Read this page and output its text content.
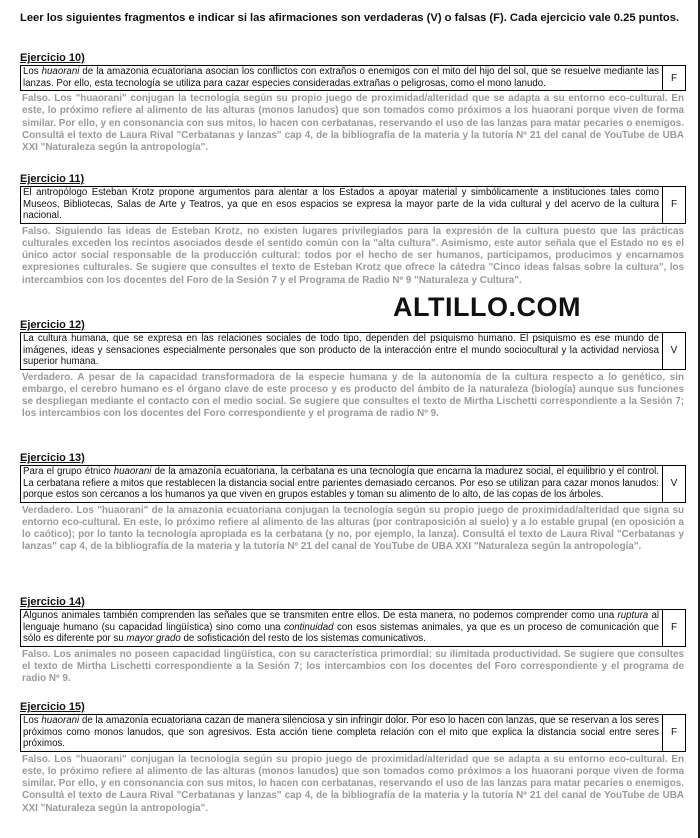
Leer los siguientes fragmentos e indicar si las afirmaciones son verdaderas (V) o falsas (F). Cada ejercicio vale 0.25 puntos.
Ejercicio 10)
Los huaorani de la amazonia ecuatoriana asocian los conflictos con extraños o enemigos con el mito del hijo del sol, que se resuelve mediante las lanzas. Por ello, esta tecnología se utiliza para cazar especies consideradas extrañas o peligrosas, como el mono lanudo.	F
Falso. Los "huaorani" conjugan la tecnología según su propio juego de proximidad/alteridad que se adapta a su entorno eco-cultural. En este, lo próximo refiere al alimento de las alturas (monos lanudos) que son tomados como próximos a los huaorani porque viven de forma similar. Por ello, y en consonancia con sus mitos, lo hacen con cerbatanas, reservando el uso de las lanzas para matar pecaries o enemigos. Consultá el texto de Laura Rival "Cerbatanas y lanzas" cap 4, de la bibliografía de la materia y la tutoría Nº 21 del canal de YouTube de UBA XXI "Naturaleza según la antropología".
Ejercicio 11)
El antropólogo Esteban Krotz propone argumentos para alentar a los Estados a apoyar material y simbólicamente a instituciones tales como Museos, Bibliotecas, Salas de Arte y Teatros, ya que en esos espacios se expresa la mayor parte de la vida cultural y del acervo de la cultura nacional.
F
Falso. Siguiendo las ideas de Esteban Krotz, no existen lugares privilegiados para la expresión de la cultura puesto que las prácticas culturales exceden los recintos asociados desde el sentido común con la "alta cultura". Asimismo, este autor señala que el Estado no es el único actor social responsable de la producción cultural: todos por el hecho de ser humanos, participamos, producimos y encarnamos expresiones culturales. Se sugiere que consultes el texto de Esteban Krotz que ofrece la cátedra "Cinco ideas falsas sobre la cultura", los intercambios con los docentes del Foro de la Sesión 7 y el Programa de Radio Nº 9 "Naturaleza y Cultura".
ALTILLO.COM
Ejercicio 12)
La cultura humana, que se expresa en las relaciones sociales de todo tipo, dependen del psiquismo humano. El psiquismo es ese mundo de imágenes, ideas y sensaciones especialmente personales que son producto de la interacción entre el mundo sociocultural y la actividad nerviosa superior humana.
V
Verdadero. A pesar de la capacidad transformadora de la especie humana y de la autonomía de la cultura respecto a lo genético, sin embargo, el cerebro humano es el órgano clave de este proceso y es producto del ámbito de la naturaleza (biología) aunque sus funciones se despliegan mediante el contacto con el medio social. Se sugiere que consultes el texto de Mirtha Lischetti correspondiente a la Sesión 7; los intercambios con los docentes del Foro correspondiente y el programa de radio Nº 9.
Ejercicio 13)
Para el grupo étnico huaorani de la amazonía ecuatoriana, la cerbatana es una tecnología que encarna la madurez social, el equilibrio y el control. La cerbatana refiere a mitos que restablecen la distancia social entre parientes demasiado cercanos. Por eso se utilizan para cazar monos lanudos: porque estos son cercanos a los humanos ya que viven en grupos estables y toman su alimento de lo alto, de las copas de los árboles.
V
Verdadero. Los "huaorani" de la amazonia ecuatoriana conjugan la tecnología según su propio juego de proximidad/alteridad que signa su entorno eco-cultural. En este, lo próximo refiere al alimento de las alturas (por contraposición al suelo) y a lo estable grupal (en oposición a lo caótico); por lo tanto la tecnología apropiada es la cerbatana (y no, por ejemplo, la lanza). Consultá el texto de Laura Rival "Cerbatanas y lanzas" cap 4, de la bibliografía de la materia y la tutoría Nº 21 del canal de YouTube de UBA XXI "Naturaleza según la antropología".
Ejercicio 14)
Algunos animales también comprenden las señales que se transmiten entre ellos. De esta manera, no podemos comprender como una ruptura al lenguaje humano (su capacidad lingüística) sino como una continuidad con esos sistemas animales, ya que es un proceso de comunicación que sólo es diferente por su mayor grado de sofisticación del resto de los sistemas comunicativos.
F
Falso. Los animales no poseen capacidad lingüística, con su característica primordial: su ilimitada productividad. Se sugiere que consultes el texto de Mirtha Lischetti correspondiente a la Sesión 7; los intercambios con los docentes del Foro correspondiente y el programa de radio Nº 9.
Ejercicio 15)
Los huaorani de la amazonía ecuatoriana cazan de manera silenciosa y sin infringir dolor. Por eso lo hacen con lanzas, que se reservan a los seres próximos como monos lanudos, que son agresivos. Esta acción tiene completa relación con el mito que explica la distancia social entre seres próximos.
F
Falso. Los "huaorani" conjugan la tecnología según su propio juego de proximidad/alteridad que se adapta a su entorno eco-cultural. En este, lo próximo refiere al alimento de las alturas (monos lanudos) que son tomados como próximos a los huaorani porque viven de forma similar. Por ello, y en consonancia con sus mitos, lo hacen con cerbatanas, reservando el uso de las lanzas para matar pecaries o enemigos. Consultá el texto de Laura Rival "Cerbatanas y lanzas" cap 4, de la bibliografía de la materia y la tutoría Nº 21 del canal de YouTube de UBA XXI "Naturaleza según la antropología".
